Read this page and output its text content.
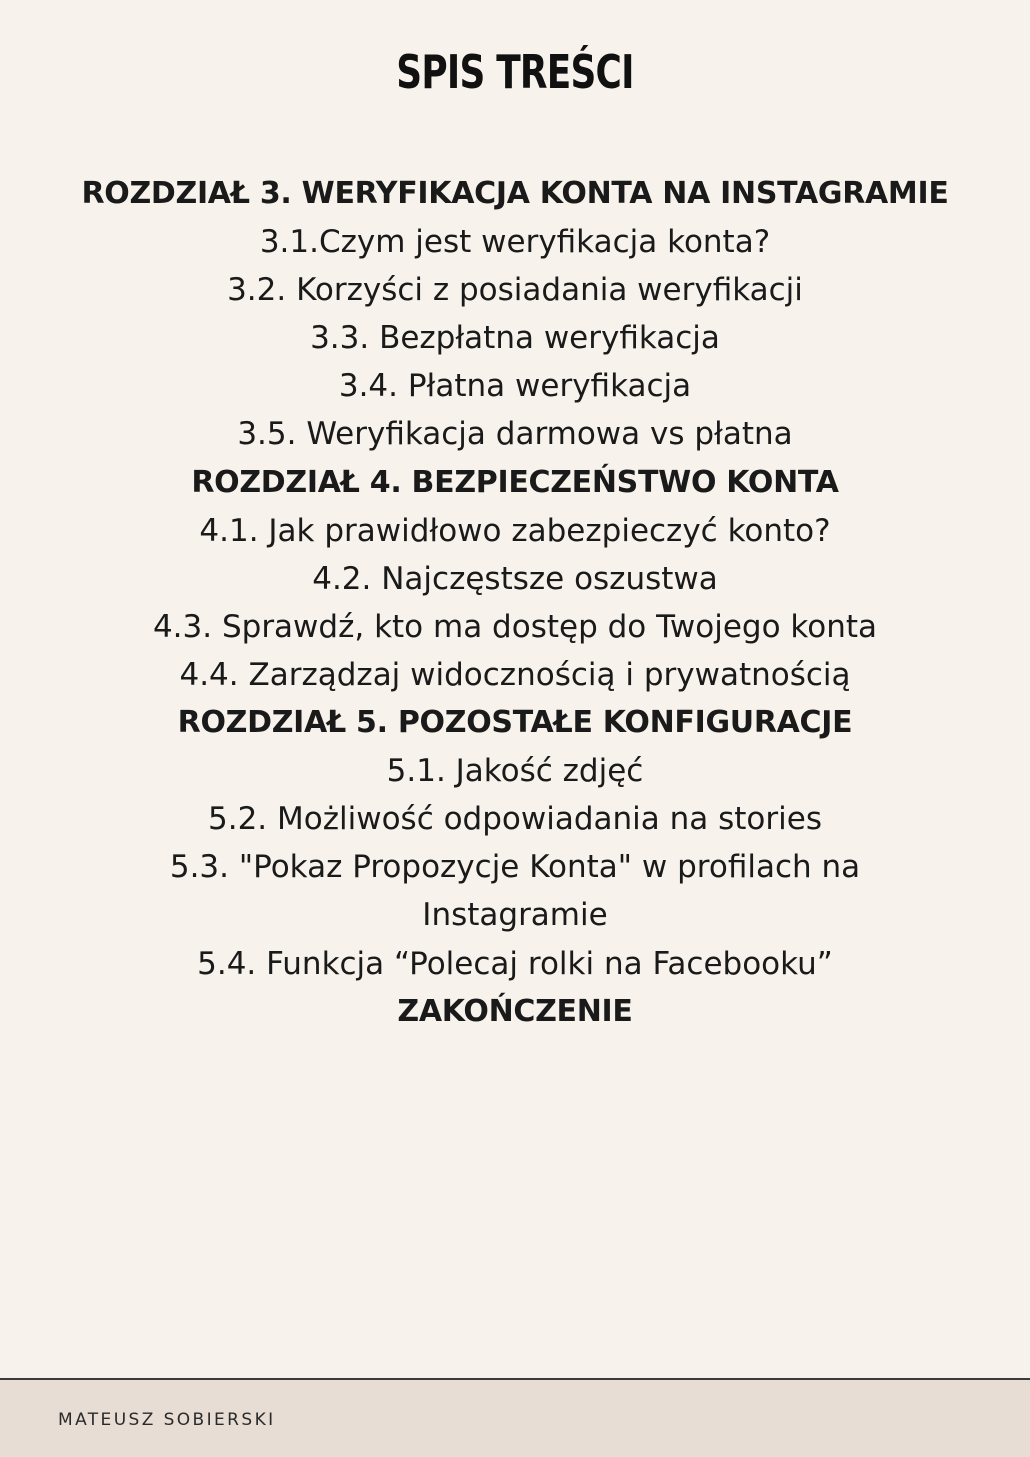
SPIS TREŚCI
ROZDZIAŁ 3. WERYFIKACJA KONTA NA INSTAGRAMIE
3.1.Czym jest weryfikacja konta?
3.2. Korzyści z posiadania weryfikacji
3.3. Bezpłatna weryfikacja
3.4. Płatna weryfikacja
3.5. Weryfikacja darmowa vs płatna
ROZDZIAŁ 4. BEZPIECZEŃSTWO KONTA
4.1. Jak prawidłowo zabezpieczyć konto?
4.2. Najczęstsze oszustwa
4.3. Sprawdź, kto ma dostęp do Twojego konta
4.4. Zarządzaj widocznością i prywatnością
ROZDZIAŁ 5. POZOSTAŁE KONFIGURACJE
5.1. Jakość zdjęć
5.2. Możliwość odpowiadania na stories
5.3. "Pokaz Propozycje Konta" w profilach na Instagramie
5.4. Funkcja “Polecaj rolki na Facebooku”
ZAKOŃCZENIE
MATEUSZ SOBIERSKI
